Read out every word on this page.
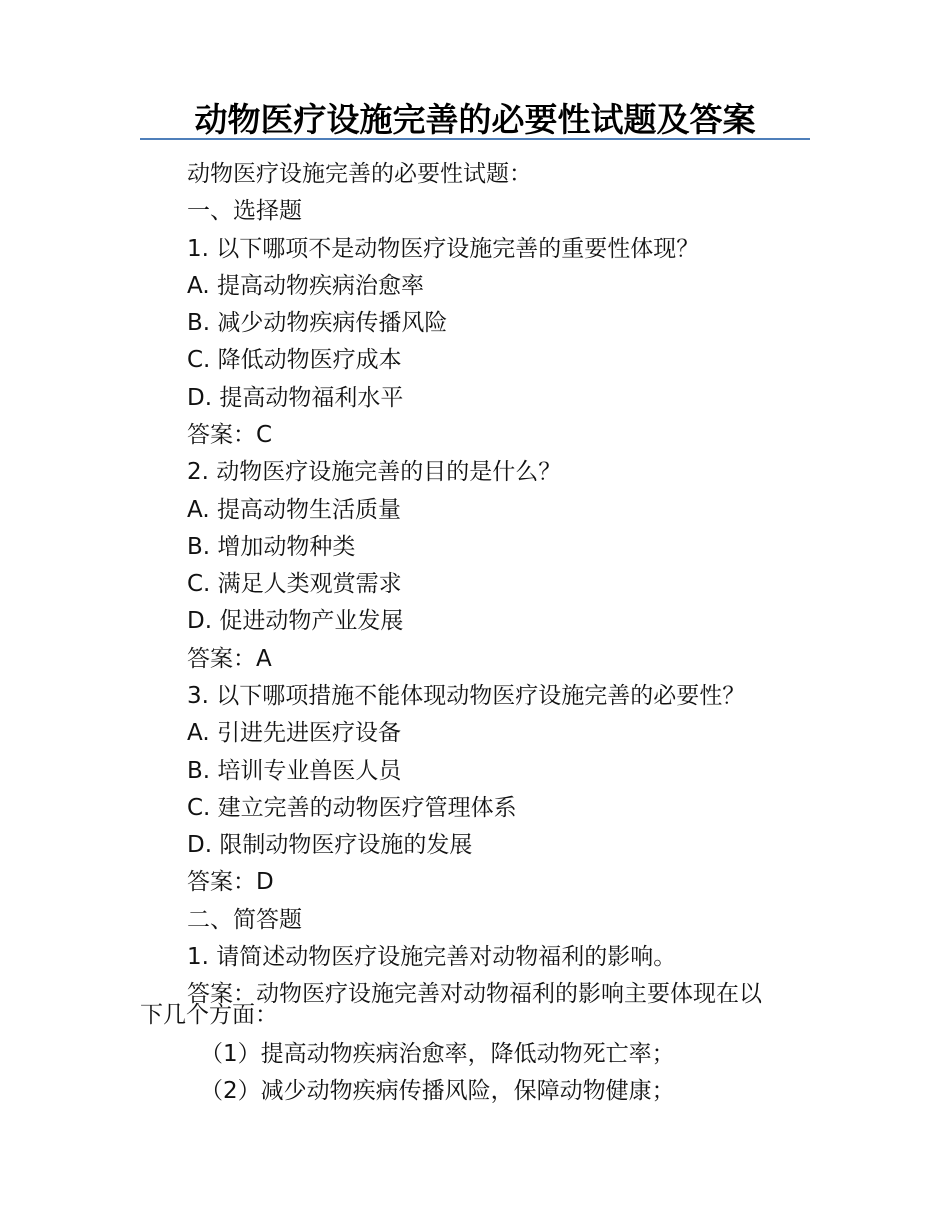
动物医疗设施完善的必要性试题及答案
动物医疗设施完善的必要性试题：
一、选择题
1. 以下哪项不是动物医疗设施完善的重要性体现？
A. 提高动物疾病治愈率
B. 减少动物疾病传播风险
C. 降低动物医疗成本
D. 提高动物福利水平
答案：C
2. 动物医疗设施完善的目的是什么？
A. 提高动物生活质量
B. 增加动物种类
C. 满足人类观赏需求
D. 促进动物产业发展
答案：A
3. 以下哪项措施不能体现动物医疗设施完善的必要性？
A. 引进先进医疗设备
B. 培训专业兽医人员
C. 建立完善的动物医疗管理体系
D. 限制动物医疗设施的发展
答案：D
二、简答题
1. 请简述动物医疗设施完善对动物福利的影响。
答案：动物医疗设施完善对动物福利的影响主要体现在以
下几个方面：
（1）提高动物疾病治愈率，降低动物死亡率；
（2）减少动物疾病传播风险，保障动物健康；
